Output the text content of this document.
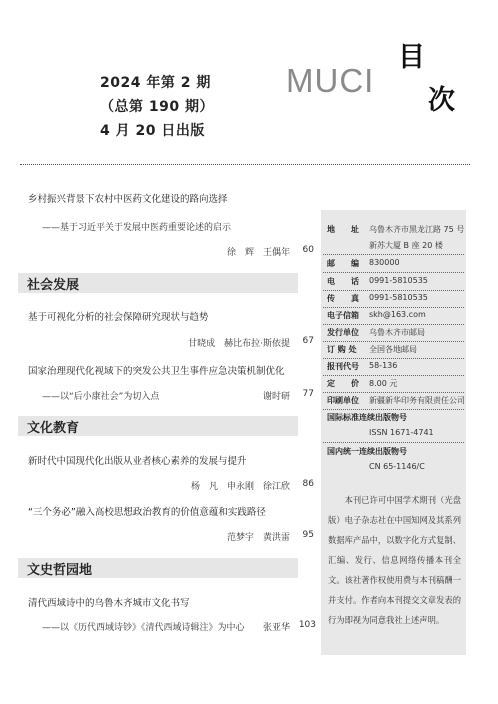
2024 年第 2 期
（总第 190 期）
4 月 20 日出版
MUCI
目
次
乡村振兴背景下农村中医药文化建设的路向选择
——基于习近平关于发展中医药重要论述的启示
徐　辉　王偶年	60
社会发展
基于可视化分析的社会保障研究现状与趋势
甘晓成　赫比布拉·斯依提	67
国家治理现代化视域下的突发公共卫生事件应急决策机制优化
——以“后小康社会”为切入点	谢时研	77
文化教育
新时代中国现代化出版从业者核心素养的发展与提升
杨　凡　申永刚　徐江欣	86
“三个务必”融入高校思想政治教育的价值意蕴和实践路径
范梦宇　黄洪雷	95
文史哲园地
清代西域诗中的乌鲁木齐城市文化书写
——以《历代西域诗钞》《清代西域诗辑注》为中心	张亚华 103
地　　址 乌鲁木齐市黑龙江路 75 号
新苏大厦 B 座 20 楼
邮　　编 830000
电　　话 0991-5810535
传　　真 0991-5810535
电子信箱 skh@163.com
发行单位 乌鲁木齐市邮局
订 购 处 全国各地邮局
报刊代号 58-136
定　　价 8.00 元
印刷单位 新疆新华印务有限责任公司
国际标准连续出版物号
ISSN 1671-4741
国内统一连续出版物号
CN 65-1146/C
本刊已许可中国学术期刊（光盘版）电子杂志社在中国知网及其系列数据库产品中，以数字化方式复制、汇编、发行、信息网络传播本刊全文。该社著作权使用费与本刊稿酬一并支付。作者向本刊提交文章发表的行为即视为同意我社上述声明。
